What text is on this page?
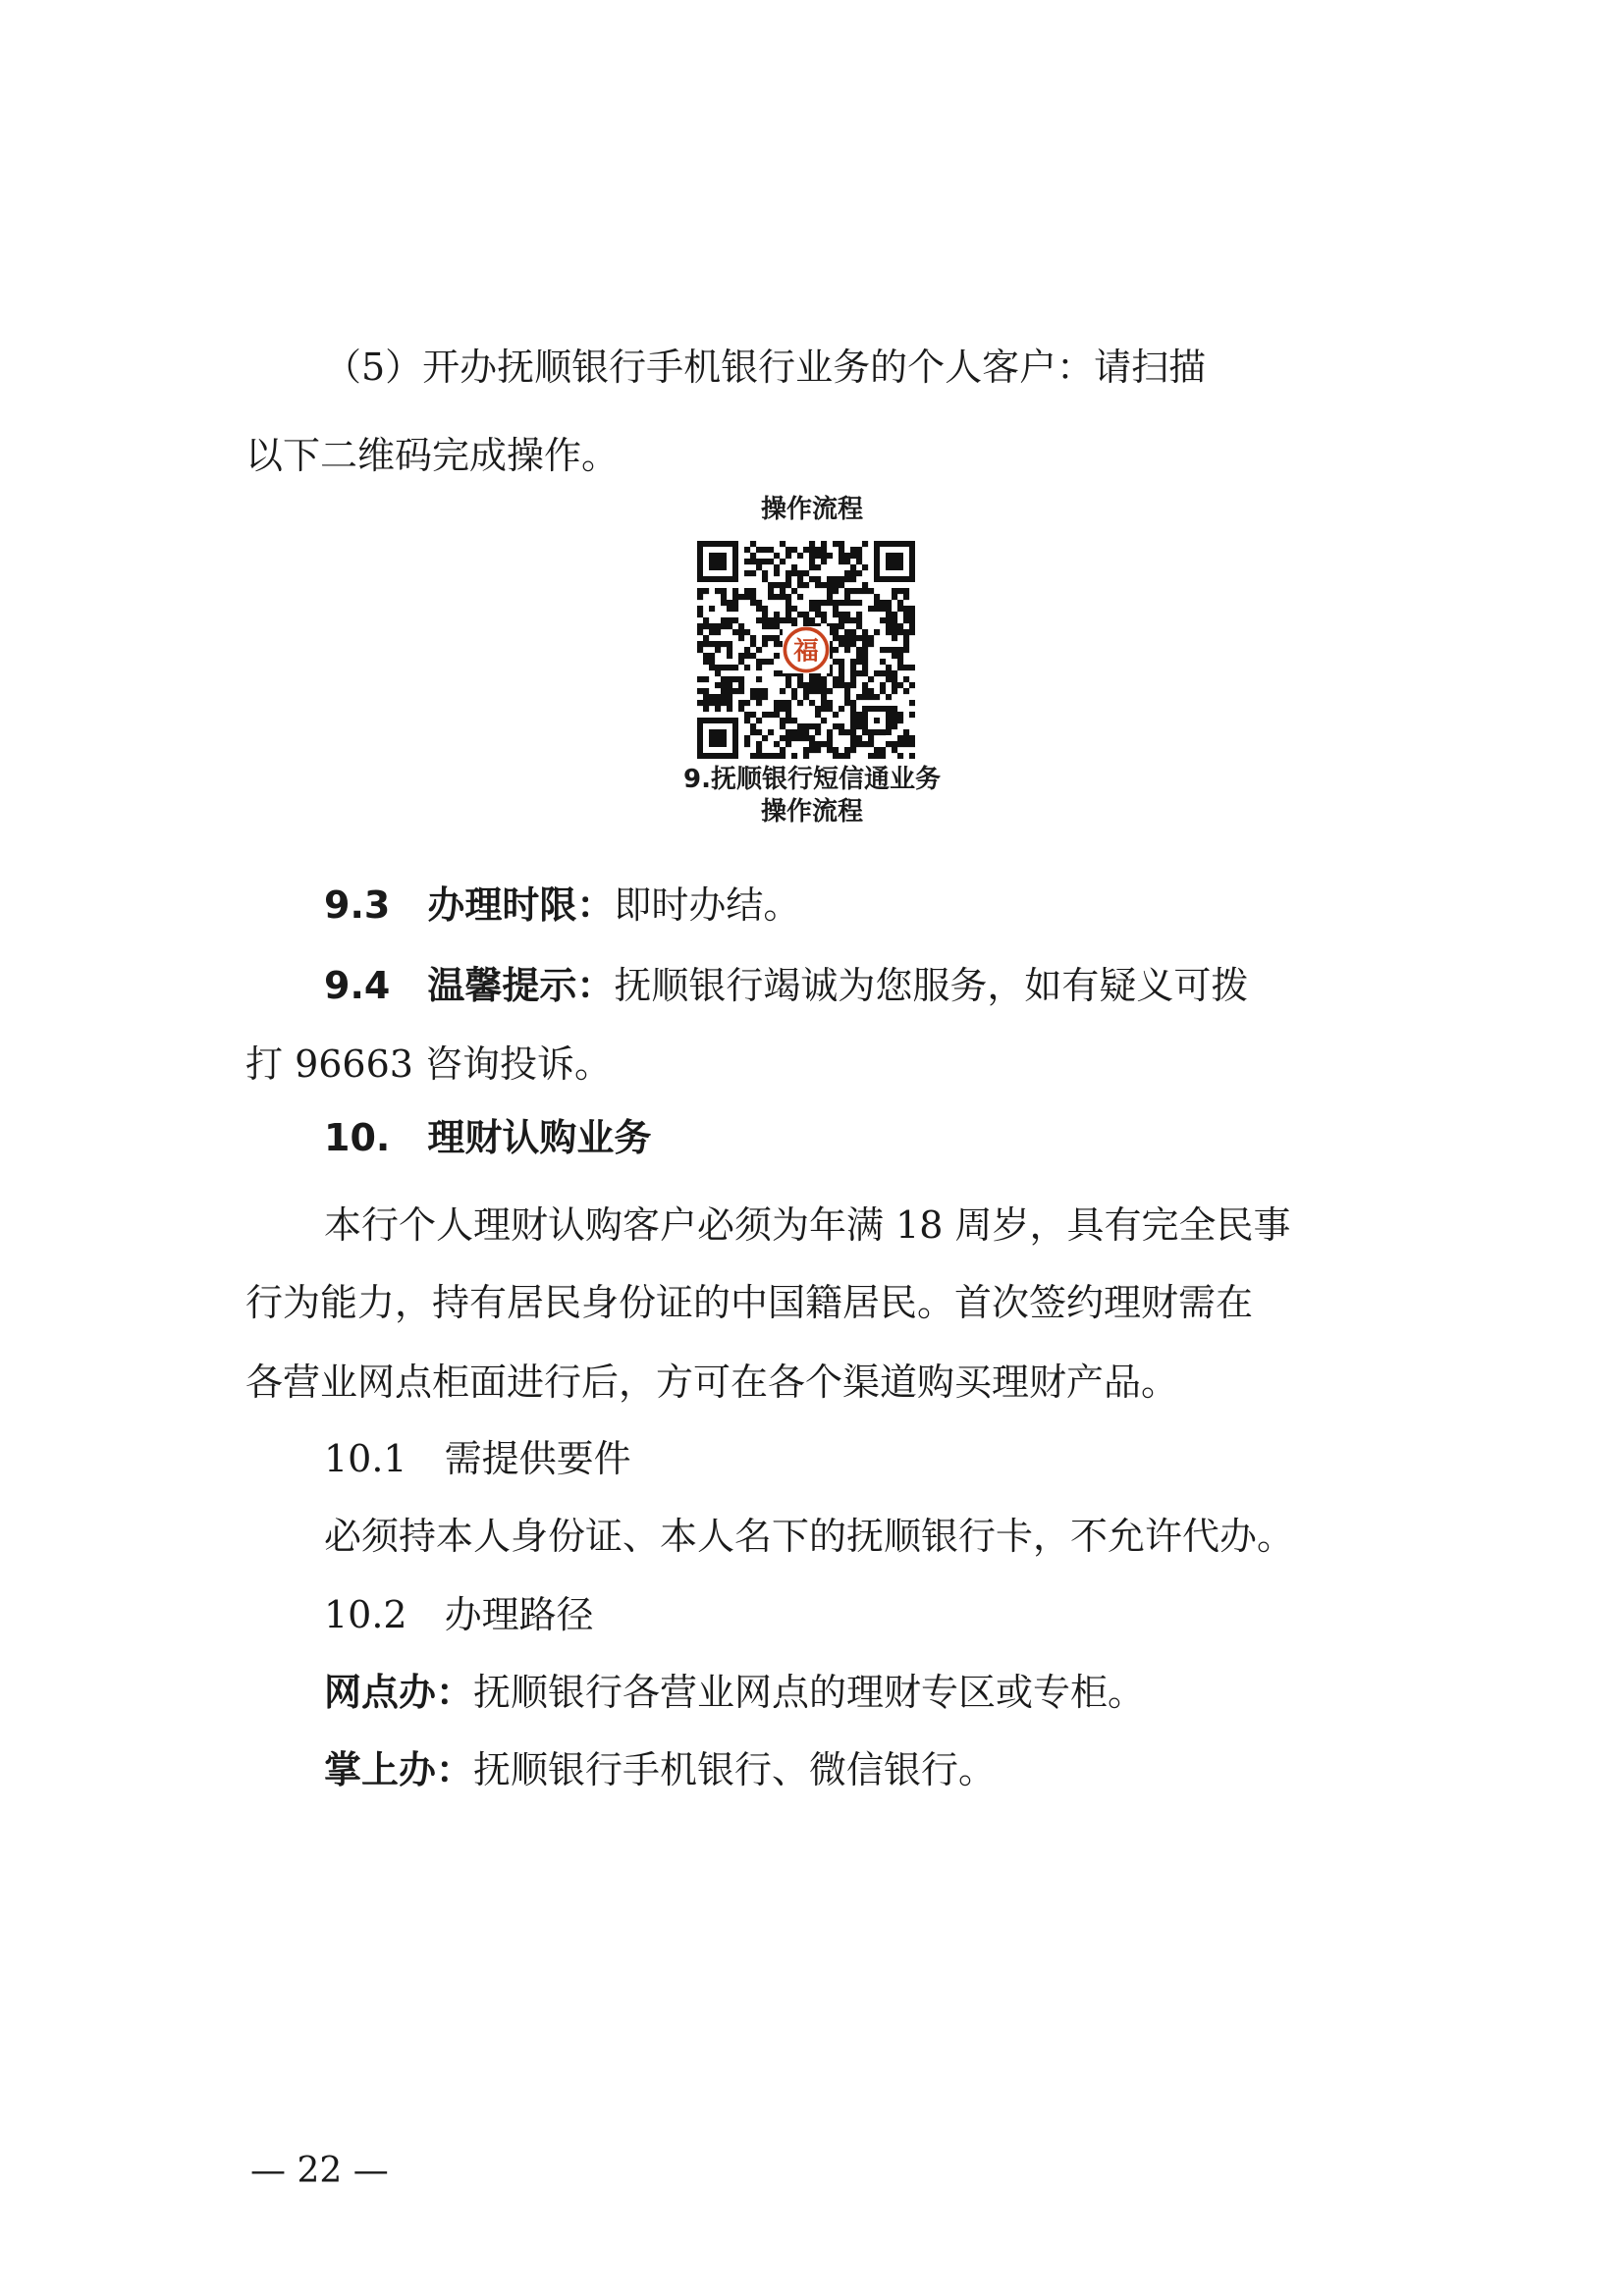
（5）开办抚顺银行手机银行业务的个人客户：请扫描
以下二维码完成操作。
操作流程
福
9.抚顺银行短信通业务
操作流程
9.3　办理时限：即时办结。
9.4　温馨提示：抚顺银行竭诚为您服务，如有疑义可拨
打 96663 咨询投诉。
10.　理财认购业务
本行个人理财认购客户必须为年满 18 周岁，具有完全民事
行为能力，持有居民身份证的中国籍居民。首次签约理财需在
各营业网点柜面进行后，方可在各个渠道购买理财产品。
10.1　需提供要件
必须持本人身份证、本人名下的抚顺银行卡，不允许代办。
10.2　办理路径
网点办：抚顺银行各营业网点的理财专区或专柜。
掌上办：抚顺银行手机银行、微信银行。
— 22 —
